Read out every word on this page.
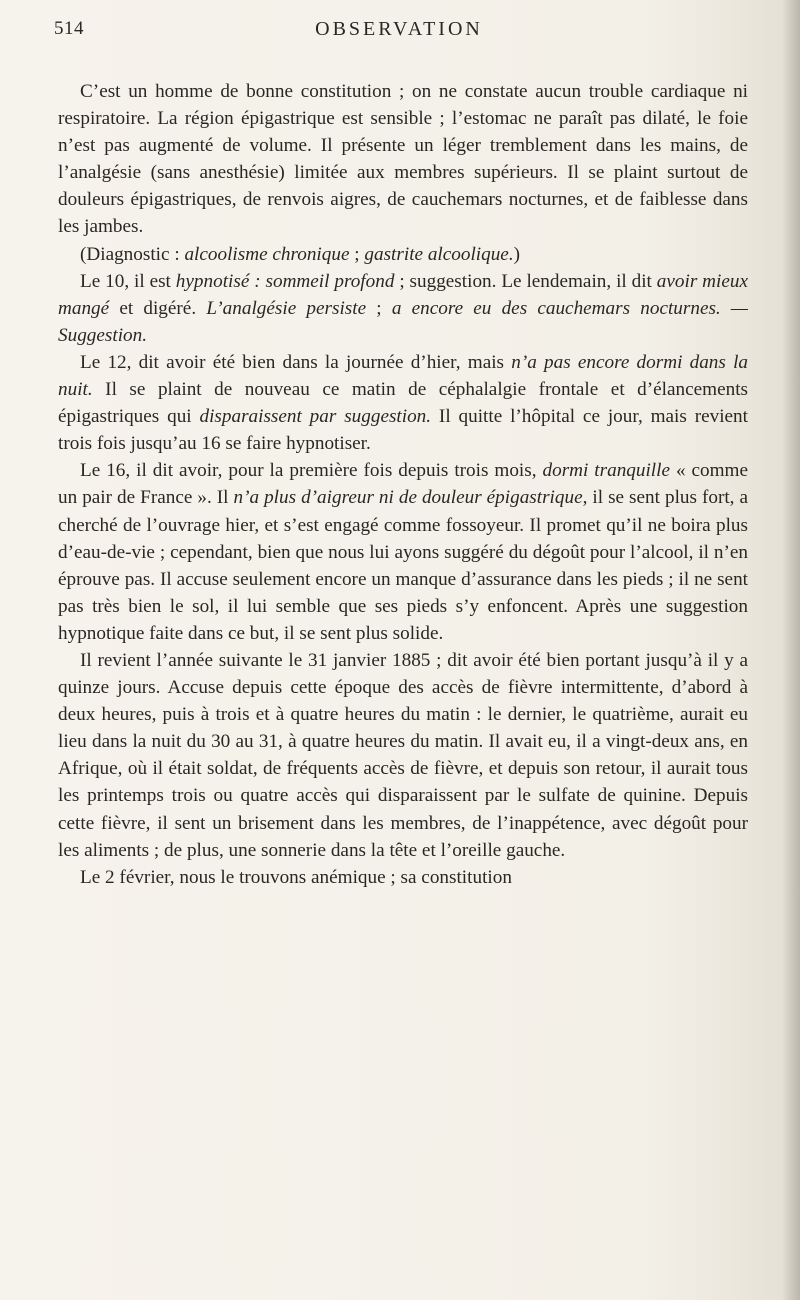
514	OBSERVATION

C’est un homme de bonne constitution ; on ne constate aucun trouble cardiaque ni respiratoire. La région épigastrique est sensible ; l’estomac ne paraît pas dilaté, le foie n’est pas augmenté de volume. Il présente un léger tremblement dans les mains, de l’analgésie (sans anesthésie) limitée aux membres supérieurs. Il se plaint surtout de douleurs épigastriques, de renvois aigres, de cauchemars nocturnes, et de faiblesse dans les jambes.

(Diagnostic : alcoolisme chronique ; gastrite alcoolique.)

Le 10, il est hypnotisé : sommeil profond ; suggestion. Le lendemain, il dit avoir mieux mangé et digéré. L’analgésie persiste ; a encore eu des cauchemars nocturnes. — Suggestion.

Le 12, dit avoir été bien dans la journée d’hier, mais n’a pas encore dormi dans la nuit. Il se plaint de nouveau ce matin de céphalalgie frontale et d’élancements épigastriques qui disparaissent par suggestion. Il quitte l’hôpital ce jour, mais revient trois fois jusqu’au 16 se faire hypnotiser.

Le 16, il dit avoir, pour la première fois depuis trois mois, dormi tranquille « comme un pair de France ». Il n’a plus d’aigreur ni de douleur épigastrique, il se sent plus fort, a cherché de l’ouvrage hier, et s’est engagé comme fossoyeur. Il promet qu’il ne boira plus d’eau-de-vie ; cependant, bien que nous lui ayons suggéré du dégoût pour l’alcool, il n’en éprouve pas. Il accuse seulement encore un manque d’assurance dans les pieds ; il ne sent pas très bien le sol, il lui semble que ses pieds s’y enfoncent. Après une suggestion hypnotique faite dans ce but, il se sent plus solide.

Il revient l’année suivante le 31 janvier 1885 ; dit avoir été bien portant jusqu’à il y a quinze jours. Accuse depuis cette époque des accès de fièvre intermittente, d’abord à deux heures, puis à trois et à quatre heures du matin : le dernier, le quatrième, aurait eu lieu dans la nuit du 30 au 31, à quatre heures du matin. Il avait eu, il a vingt-deux ans, en Afrique, où il était soldat, de fréquents accès de fièvre, et depuis son retour, il aurait tous les printemps trois ou quatre accès qui disparaissent par le sulfate de quinine. Depuis cette fièvre, il sent un brisement dans les membres, de l’inappétence, avec dégoût pour les aliments ; de plus, une sonnerie dans la tête et l’oreille gauche.

Le 2 février, nous le trouvons anémique ; sa constitution
